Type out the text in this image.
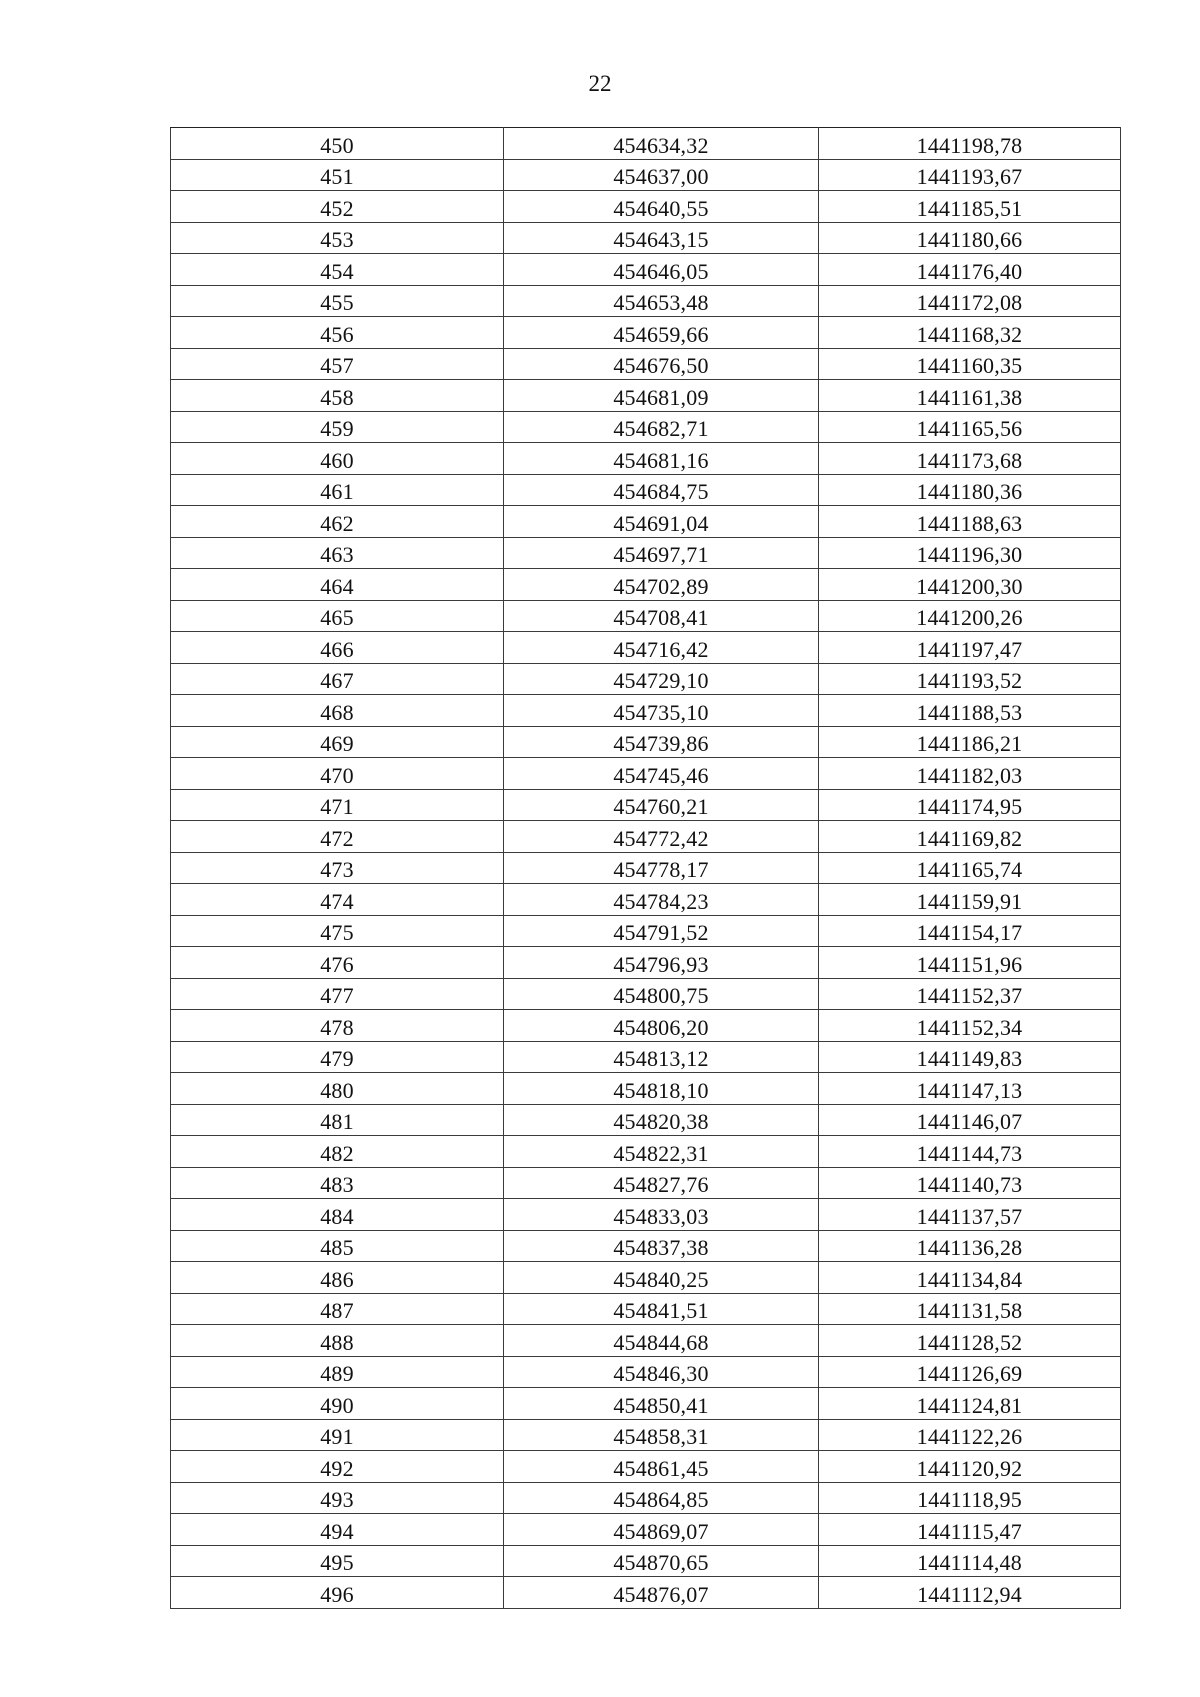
22
450	454634,32	1441198,78
451	454637,00	1441193,67
452	454640,55	1441185,51
453	454643,15	1441180,66
454	454646,05	1441176,40
455	454653,48	1441172,08
456	454659,66	1441168,32
457	454676,50	1441160,35
458	454681,09	1441161,38
459	454682,71	1441165,56
460	454681,16	1441173,68
461	454684,75	1441180,36
462	454691,04	1441188,63
463	454697,71	1441196,30
464	454702,89	1441200,30
465	454708,41	1441200,26
466	454716,42	1441197,47
467	454729,10	1441193,52
468	454735,10	1441188,53
469	454739,86	1441186,21
470	454745,46	1441182,03
471	454760,21	1441174,95
472	454772,42	1441169,82
473	454778,17	1441165,74
474	454784,23	1441159,91
475	454791,52	1441154,17
476	454796,93	1441151,96
477	454800,75	1441152,37
478	454806,20	1441152,34
479	454813,12	1441149,83
480	454818,10	1441147,13
481	454820,38	1441146,07
482	454822,31	1441144,73
483	454827,76	1441140,73
484	454833,03	1441137,57
485	454837,38	1441136,28
486	454840,25	1441134,84
487	454841,51	1441131,58
488	454844,68	1441128,52
489	454846,30	1441126,69
490	454850,41	1441124,81
491	454858,31	1441122,26
492	454861,45	1441120,92
493	454864,85	1441118,95
494	454869,07	1441115,47
495	454870,65	1441114,48
496	454876,07	1441112,94
